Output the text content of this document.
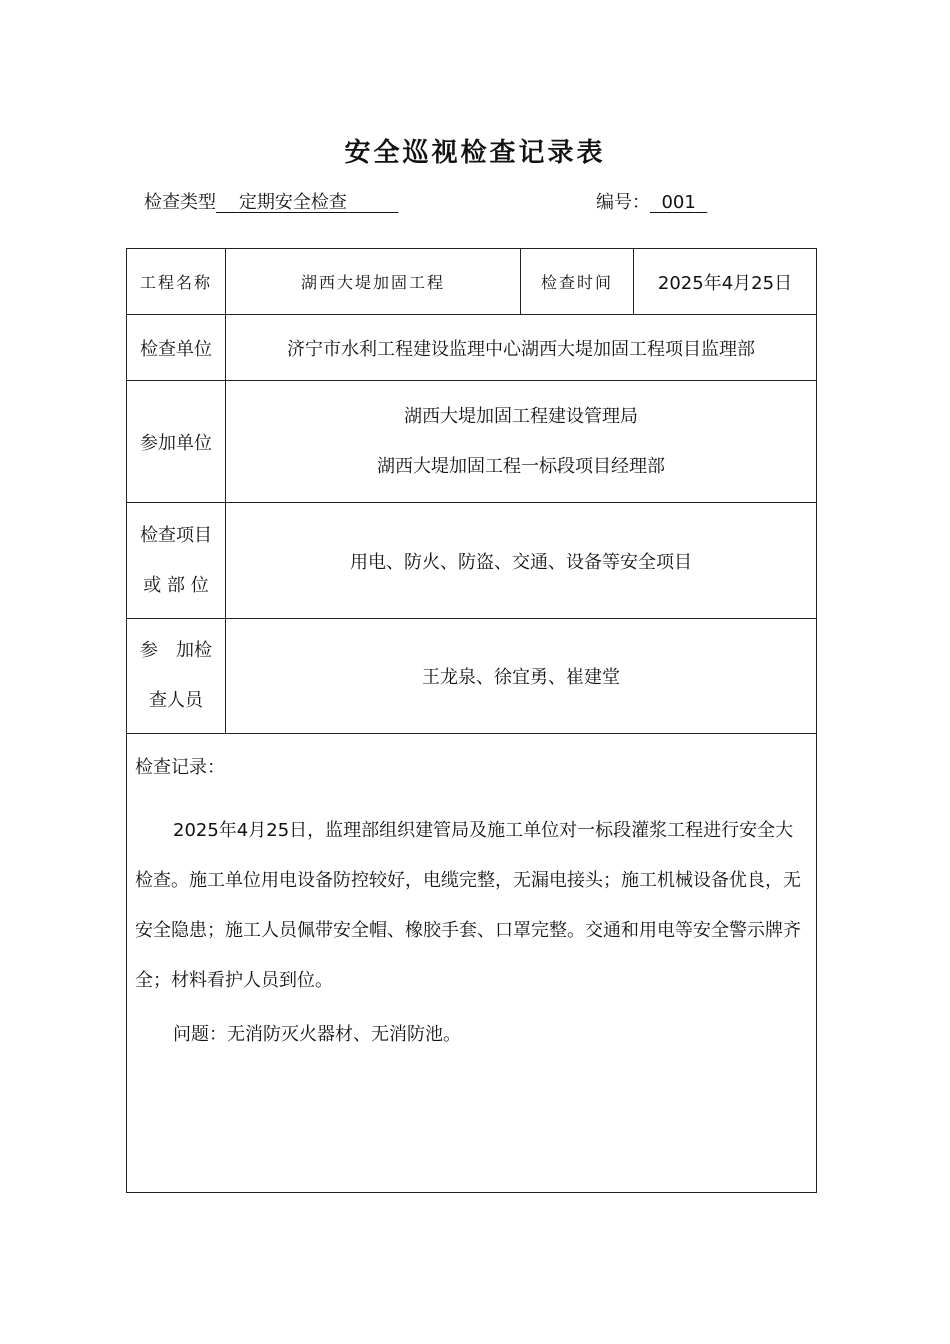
安全巡视检查记录表
检查类型 定期安全检查	编号： 001
工程名称	湖西大堤加固工程	检查时间	2025年4月25日
检查单位	济宁市水利工程建设监理中心湖西大堤加固工程项目监理部		
参加单位	湖西大堤加固工程建设管理局
湖西大堤加固工程一标段项目经理部		

检查项目
或 部 位	用电、防火、防盗、交通、设备等安全项目		

参　加检
查人员	王龙泉、徐宜勇、崔建堂		

检查记录：

2025年4月25日，监理部组织建管局及施工单位对一标段灌浆工程进行安全大检查。施工单位用电设备防控较好，电缆完整，无漏电接头；施工机械设备优良，无安全隐患；施工人员佩带安全帽、橡胶手套、口罩完整。交通和用电等安全警示牌齐全；材料看护人员到位。

问题：无消防灭火器材、无消防池。			
